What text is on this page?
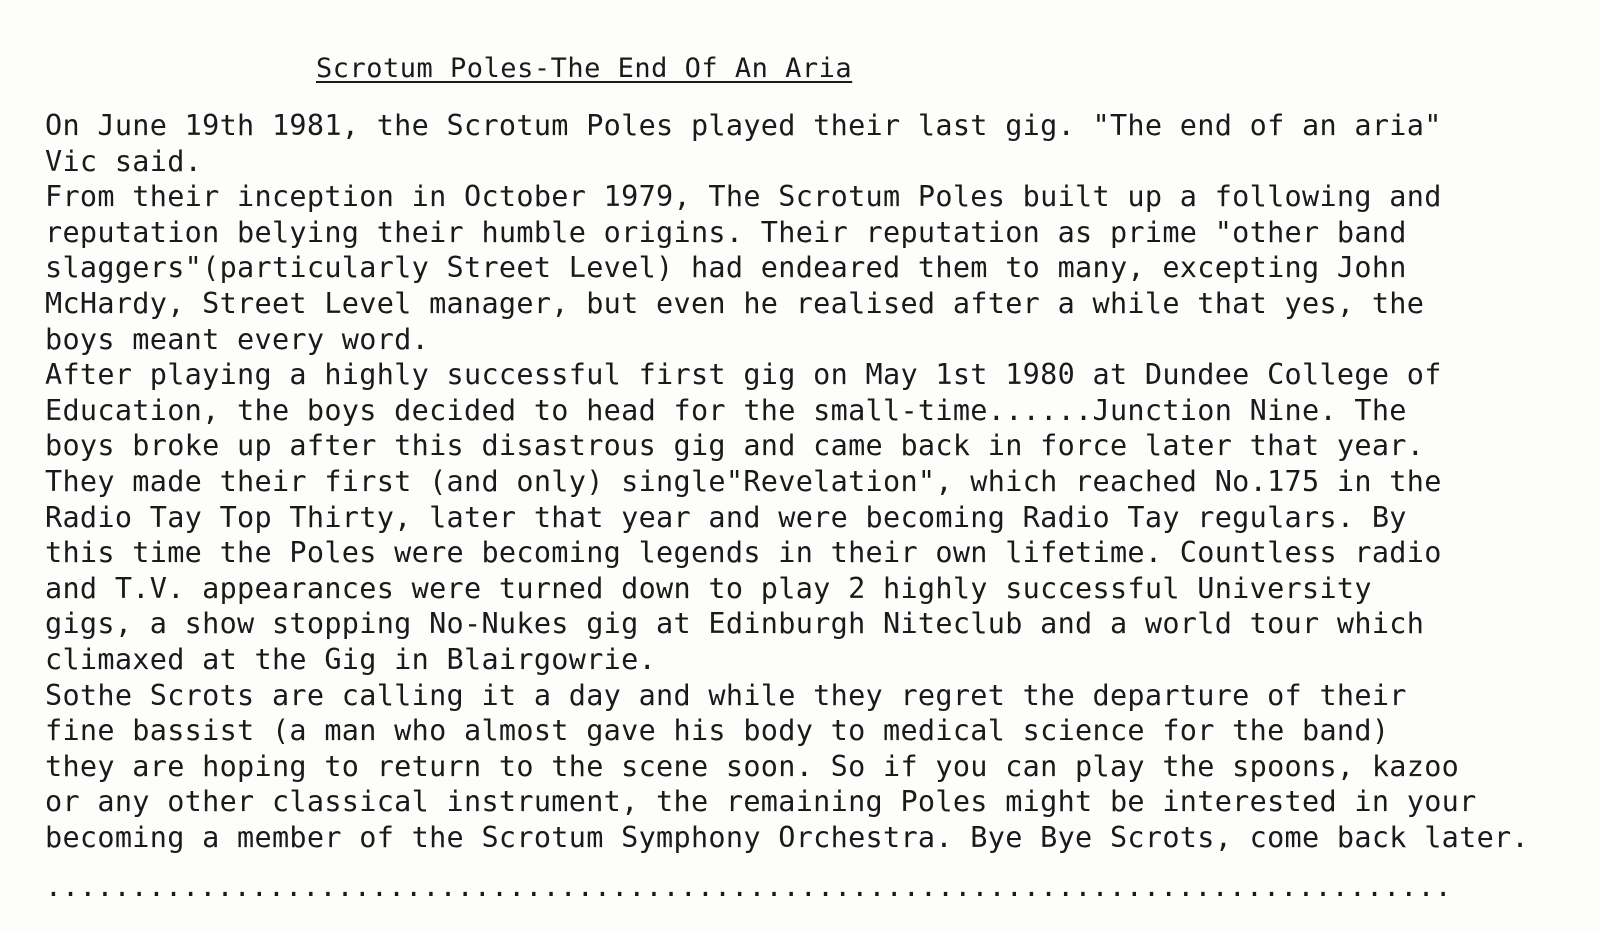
Scrotum Poles-The End Of An Aria
On June 19th 1981, the Scrotum Poles played their last gig. "The end of an aria"
Vic said.
From their inception in October 1979, The Scrotum Poles built up a following and
reputation belying their humble origins. Their reputation as prime "other band
slaggers"(particularly Street Level) had endeared them to many, excepting John
McHardy, Street Level manager, but even he realised after a while that yes, the
boys meant every word.
After playing a highly successful first gig on May 1st 1980 at Dundee College of
Education, the boys decided to head for the small-time......Junction Nine. The
boys broke up after this disastrous gig and came back in force later that year.
They made their first (and only) single"Revelation", which reached No.175 in the
Radio Tay Top Thirty, later that year and were becoming Radio Tay regulars. By
this time the Poles were becoming legends in their own lifetime. Countless radio
and T.V. appearances were turned down to play 2 highly successful University
gigs, a show stopping No-Nukes gig at Edinburgh Niteclub and a world tour which
climaxed at the Gig in Blairgowrie.
Sothe Scrots are calling it a day and while they regret the departure of their
fine bassist (a man who almost gave his body to medical science for the band)
they are hoping to return to the scene soon. So if you can play the spoons, kazoo
or any other classical instrument, the remaining Poles might be interested in your
becoming a member of the Scrotum Symphony Orchestra. Bye Bye Scrots, come back later.
..................................................................................
